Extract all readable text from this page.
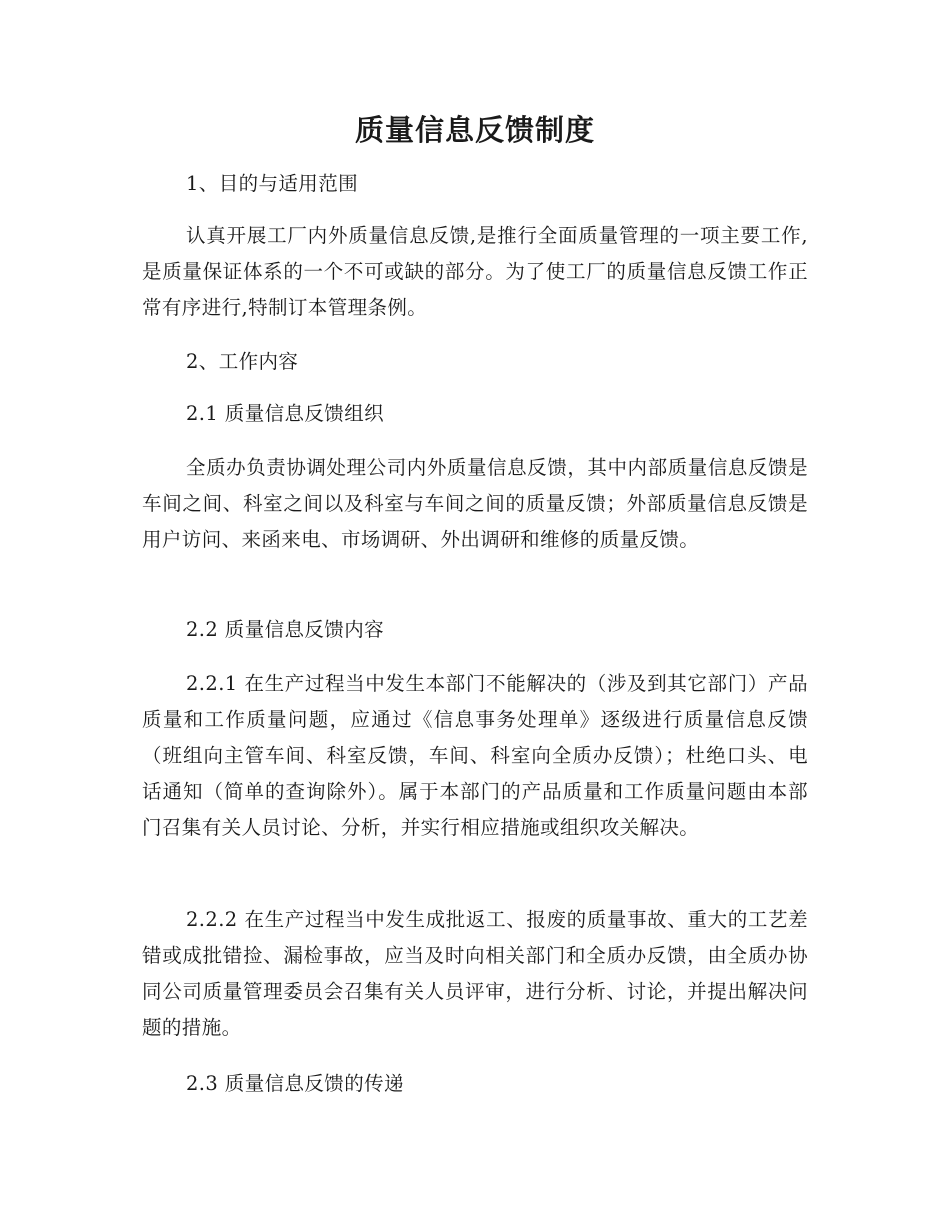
质量信息反馈制度
1、目的与适用范围
认真开展工厂内外质量信息反馈,是推行全面质量管理的一项主要工作,是质量保证体系的一个不可或缺的部分。为了使工厂的质量信息反馈工作正常有序进行,特制订本管理条例。
2、工作内容
2.1 质量信息反馈组织
全质办负责协调处理公司内外质量信息反馈，其中内部质量信息反馈是车间之间、科室之间以及科室与车间之间的质量反馈；外部质量信息反馈是用户访问、来函来电、市场调研、外出调研和维修的质量反馈。
2.2 质量信息反馈内容
2.2.1 在生产过程当中发生本部门不能解决的（涉及到其它部门）产品质量和工作质量问题，应通过《信息事务处理单》逐级进行质量信息反馈（班组向主管车间、科室反馈，车间、科室向全质办反馈）；杜绝口头、电话通知（简单的查询除外）。属于本部门的产品质量和工作质量问题由本部门召集有关人员讨论、分析，并实行相应措施或组织攻关解决。
2.2.2 在生产过程当中发生成批返工、报废的质量事故、重大的工艺差错或成批错捡、漏检事故，应当及时向相关部门和全质办反馈，由全质办协同公司质量管理委员会召集有关人员评审，进行分析、讨论，并提出解决问题的措施。
2.3 质量信息反馈的传递
